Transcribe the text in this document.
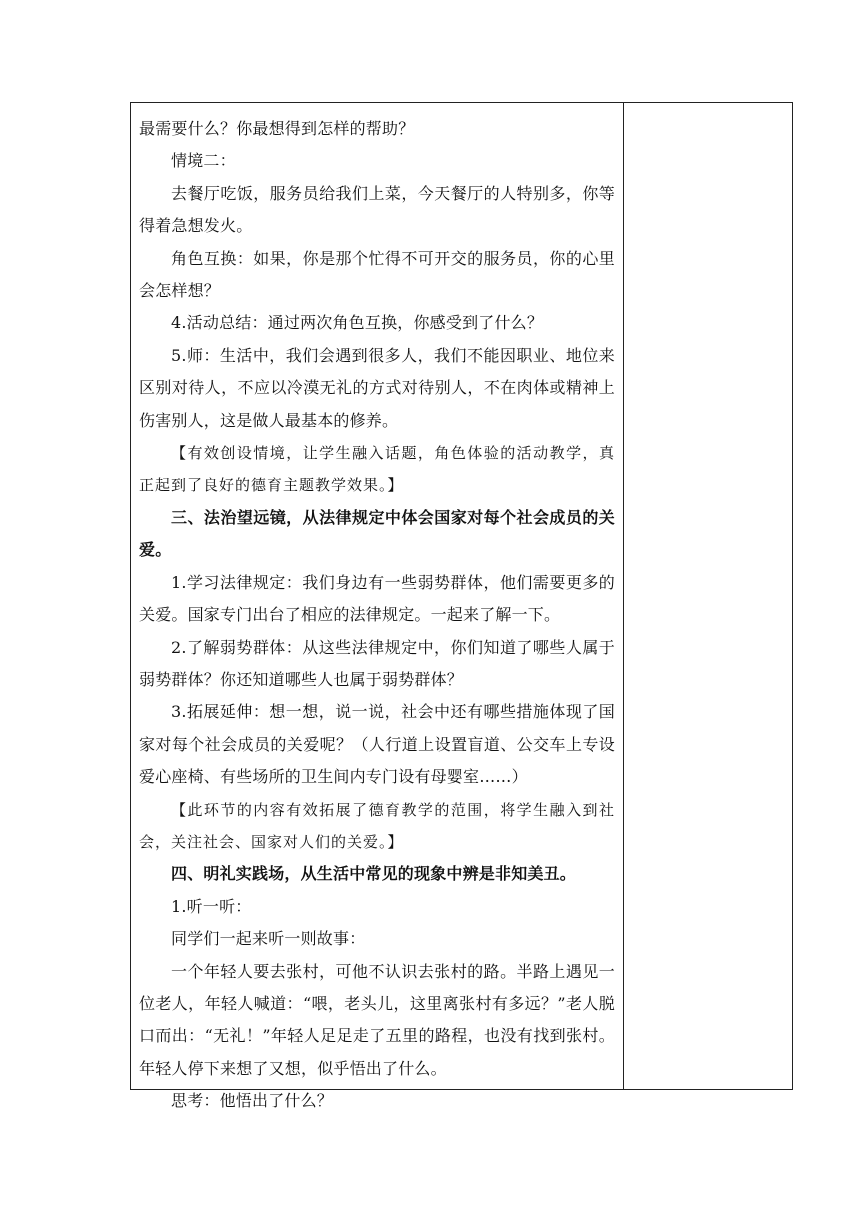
最需要什么？你最想得到怎样的帮助？

情境二：

去餐厅吃饭，服务员给我们上菜，今天餐厅的人特别多，你等得着急想发火。

角色互换：如果，你是那个忙得不可开交的服务员，你的心里会怎样想？

4.活动总结：通过两次角色互换，你感受到了什么？

5.师：生活中，我们会遇到很多人，我们不能因职业、地位来区别对待人，不应以冷漠无礼的方式对待别人，不在肉体或精神上伤害别人，这是做人最基本的修养。

【有效创设情境，让学生融入话题，角色体验的活动教学，真正起到了良好的德育主题教学效果。】

三、法治望远镜，从法律规定中体会国家对每个社会成员的关爱。

1.学习法律规定：我们身边有一些弱势群体，他们需要更多的关爱。国家专门出台了相应的法律规定。一起来了解一下。

2.了解弱势群体：从这些法律规定中，你们知道了哪些人属于弱势群体？你还知道哪些人也属于弱势群体？

3.拓展延伸：想一想，说一说，社会中还有哪些措施体现了国家对每个社会成员的关爱呢？（人行道上设置盲道、公交车上专设爱心座椅、有些场所的卫生间内专门设有母婴室……）

【此环节的内容有效拓展了德育教学的范围，将学生融入到社会，关注社会、国家对人们的关爱。】

四、明礼实践场，从生活中常见的现象中辨是非知美丑。

1.听一听：

同学们一起来听一则故事：

一个年轻人要去张村，可他不认识去张村的路。半路上遇见一位老人，年轻人喊道：“喂，老头儿，这里离张村有多远？”老人脱口而出：“无礼！”年轻人足足走了五里的路程，也没有找到张村。年轻人停下来想了又想，似乎悟出了什么。

思考：他悟出了什么？
